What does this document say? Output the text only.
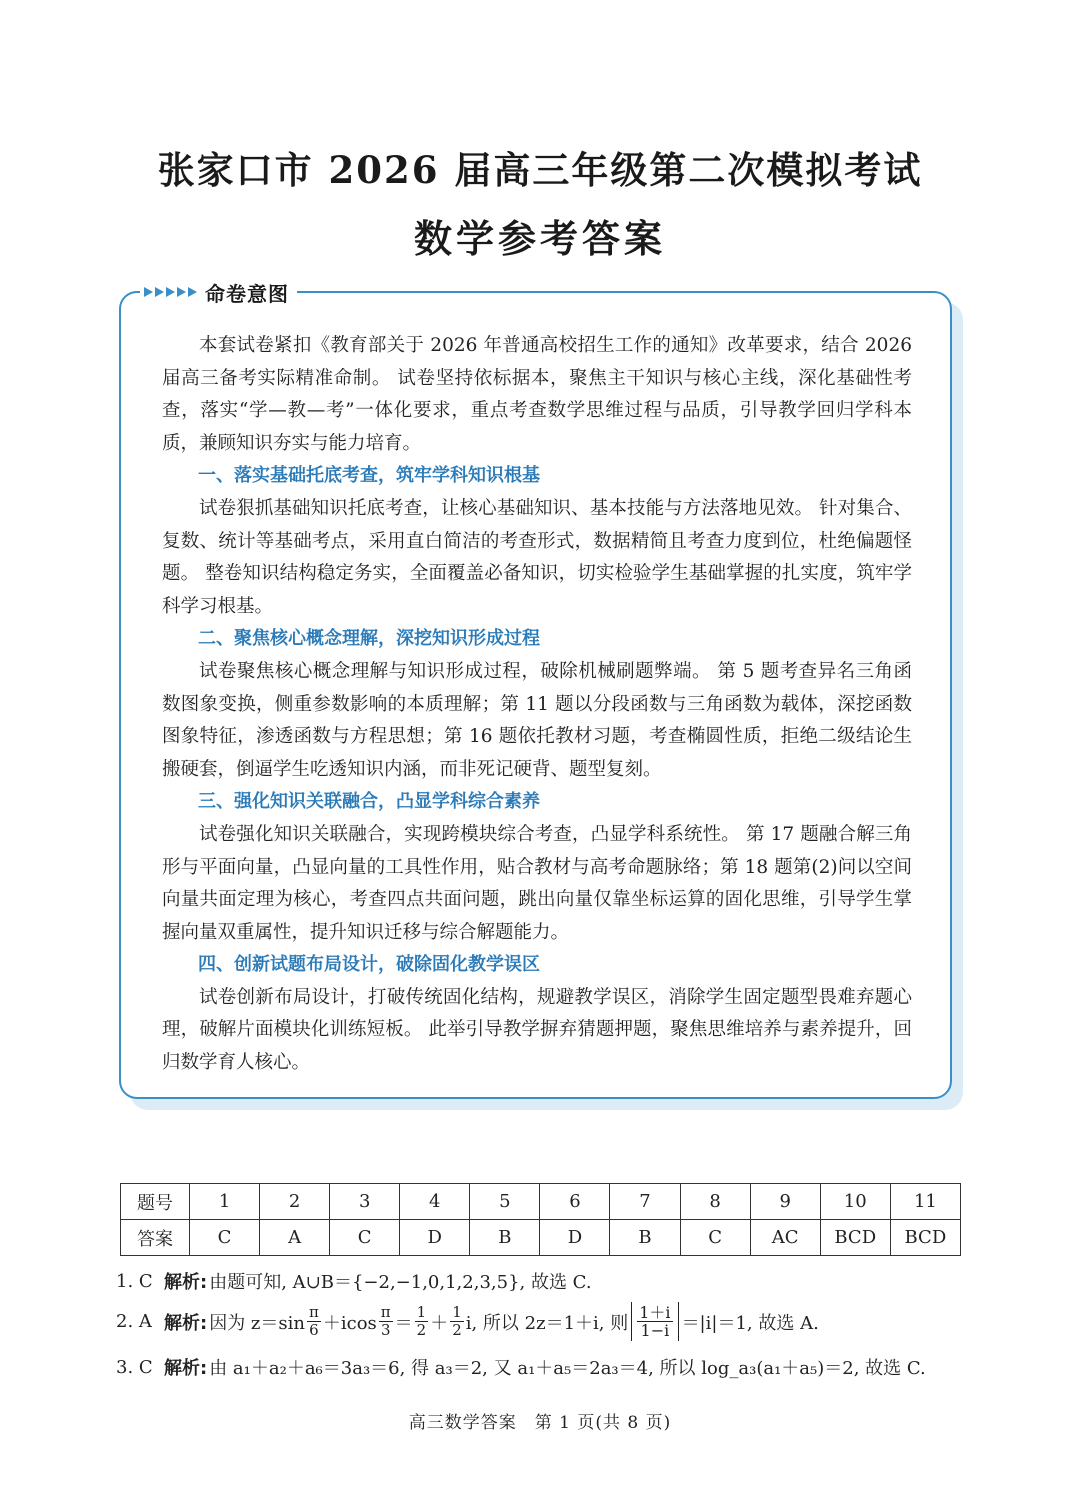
张家口市 2026 届高三年级第二次模拟考试
数学参考答案
命卷意图

本套试卷紧扣《教育部关于 2026 年普通高校招生工作的通知》改革要求，结合 2026 届高三备考实际精准命制。 试卷坚持依标据本，聚焦主干知识与核心主线，深化基础性考查，落实“学—教—考”一体化要求，重点考查数学思维过程与品质，引导教学回归学科本质，兼顾知识夯实与能力培育。

一、落实基础托底考查，筑牢学科知识根基

试卷狠抓基础知识托底考查，让核心基础知识、基本技能与方法落地见效。 针对集合、复数、统计等基础考点，采用直白简洁的考查形式，数据精简且考查力度到位，杜绝偏题怪题。 整卷知识结构稳定务实，全面覆盖必备知识，切实检验学生基础掌握的扎实度，筑牢学科学习根基。

二、聚焦核心概念理解，深挖知识形成过程

试卷聚焦核心概念理解与知识形成过程，破除机械刷题弊端。 第 5 题考查异名三角函数图象变换，侧重参数影响的本质理解；第 11 题以分段函数与三角函数为载体，深挖函数图象特征，渗透函数与方程思想；第 16 题依托教材习题，考查椭圆性质，拒绝二级结论生搬硬套，倒逼学生吃透知识内涵，而非死记硬背、题型复刻。

三、强化知识关联融合，凸显学科综合素养

试卷强化知识关联融合，实现跨模块综合考查，凸显学科系统性。 第 17 题融合解三角形与平面向量，凸显向量的工具性作用，贴合教材与高考命题脉络；第 18 题第(2)问以空间向量共面定理为核心，考查四点共面问题，跳出向量仅靠坐标运算的固化思维，引导学生掌握向量双重属性，提升知识迁移与综合解题能力。

四、创新试题布局设计，破除固化教学误区

试卷创新布局设计，打破传统固化结构，规避教学误区，消除学生固定题型畏难弃题心理，破解片面模块化训练短板。 此举引导教学摒弃猜题押题，聚焦思维培养与素养提升，回归数学育人核心。

题号	1	2	3	4	5	6	7	8	9	10	11
答案	C	A	C	D	B	D	B	C	AC	BCD	BCD
1. C 解析: 由题可知, A∪B＝{−2,−1,0,1,2,3,5}, 故选 C.
2. A 解析: 因为 $z=\sin \frac{\pi}{6} +icos \frac{\pi}{3} = \frac{1}{2} + \frac{1}{2} i$, 所以 2z＝1＋i, 则 $\frac{1+i}{1-i} =|i|=1$, 故选 A.
3. C 解析: 由 a₁＋a₂＋a₆＝3a₃＝6, 得 a₃＝2, 又 a₁＋a₅＝2a₃＝4, 所以 log_a₃(a₁＋a₅)＝2, 故选 C.
高三数学答案　第 1 页(共 8 页)
